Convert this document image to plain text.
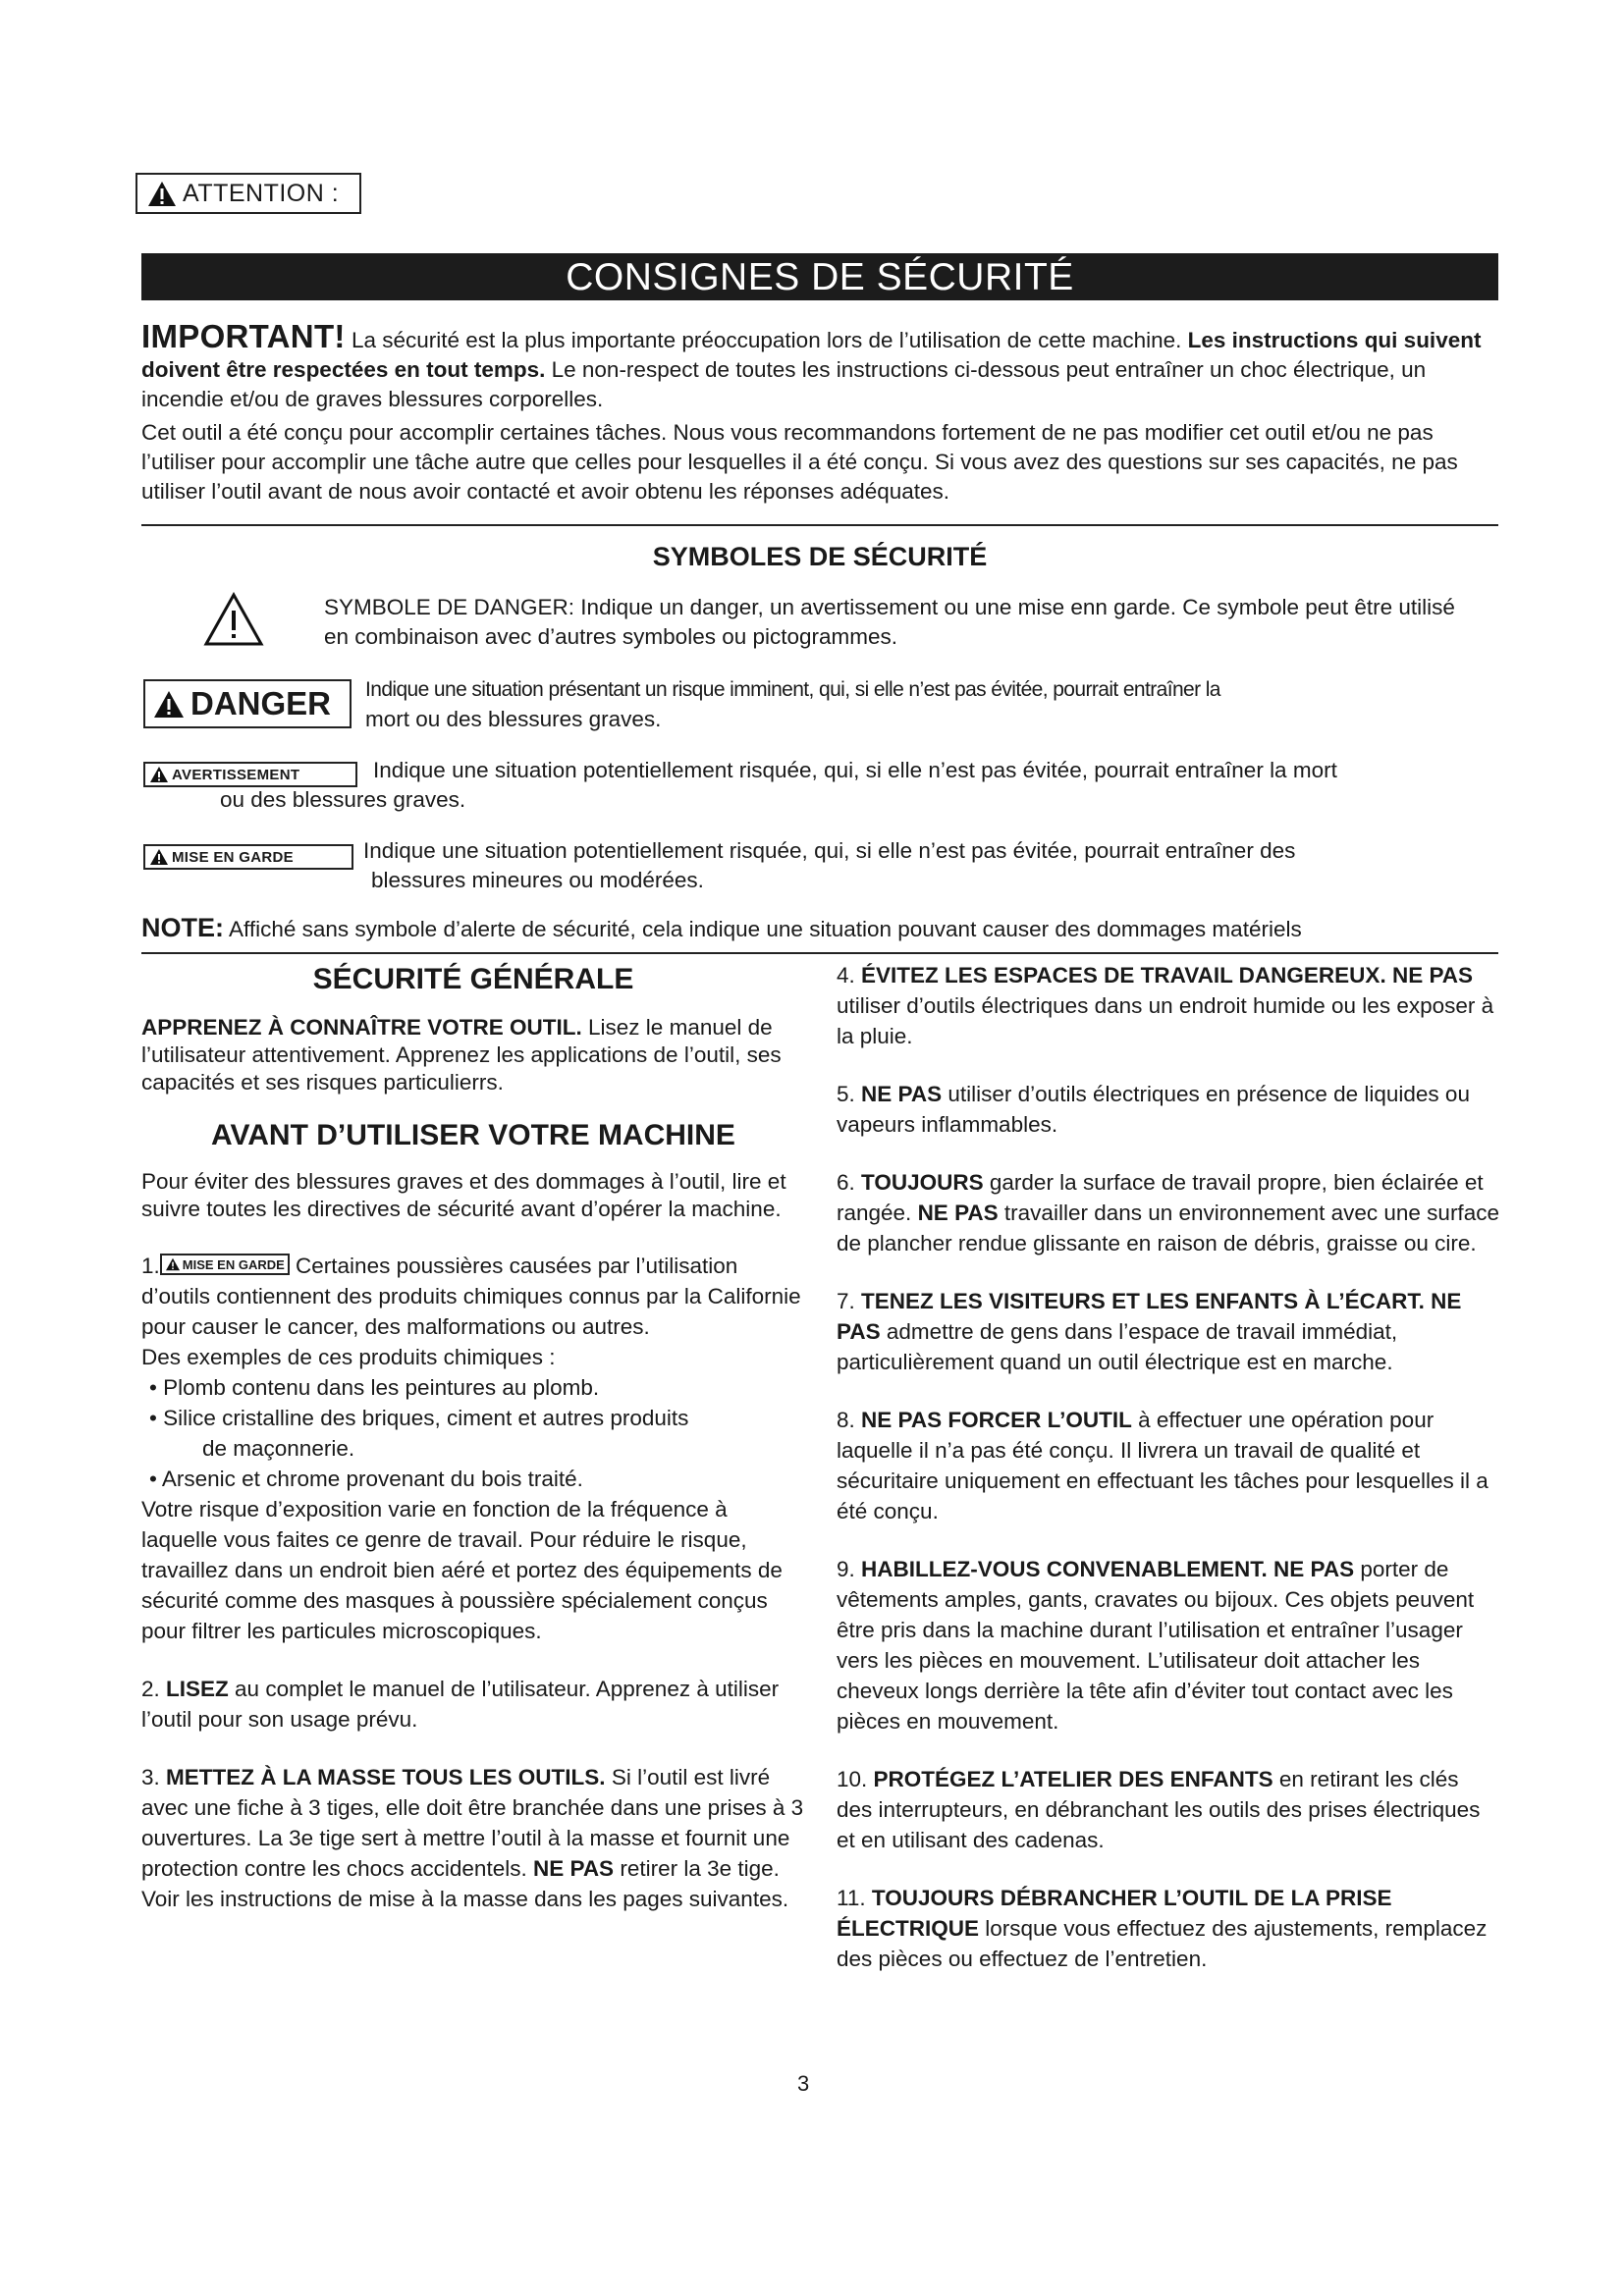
ATTENTION :
CONSIGNES DE SÉCURITÉ

IMPORTANT! La sécurité est la plus importante préoccupation lors de l’utilisation de cette machine. Les instructions qui suivent doivent être respectées en tout temps. Le non-respect de toutes les instructions ci-dessous peut entraîner un choc électrique, un incendie et/ou de graves blessures corporelles.

Cet outil a été conçu pour accomplir certaines tâches. Nous vous recommandons fortement de ne pas modifier cet outil et/ou ne pas l’utiliser pour accomplir une tâche autre que celles pour lesquelles il a été conçu. Si vous avez des questions sur ses capacités, ne pas utiliser l’outil avant de nous avoir contacté et avoir obtenu les réponses adéquates.

SYMBOLES DE SÉCURITÉ

SYMBOLE DE DANGER: Indique un danger, un avertissement ou une mise enn garde. Ce symbole peut être utilisé en combinaison avec d’autres symboles ou pictogrammes.

DANGER Indique une situation présentant un risque imminent, qui, si elle n’est pas évitée, pourrait entraîner la

mort ou des blessures graves.

AVERTISSEMENT	Indique une situation potentiellement risquée, qui, si elle n’est pas évitée, pourrait entraîner la mort

ou des blessures graves.

MISE EN GARDE	Indique une situation potentiellement risquée, qui, si elle n’est pas évitée, pourrait entraîner des

blessures mineures ou modérées.

NOTE: Affiché sans symbole d’alerte de sécurité, cela indique une situation pouvant causer des dommages matériels

SÉCURITÉ GÉNÉRALE

APPRENEZ À CONNAÎTRE VOTRE OUTIL. Lisez le manuel de l’utilisateur attentivement. Apprenez les applications de l’outil, ses capacités et ses risques particulierrs.

AVANT D’UTILISER VOTRE MACHINE

Pour éviter des blessures graves et des dommages à l’outil, lire et suivre toutes les directives de sécurité avant d’opérer la machine.

1. MISE EN GARDE Certaines poussières causées par l’utilisation d’outils contiennent des produits chimiques connus par la Californie pour causer le cancer, des malformations ou autres.

Des exemples de ces produits chimiques :

• Plomb contenu dans les peintures au plomb.
• Silice cristalline des briques, ciment et autres produits
de maçonnerie.
• Arsenic et chrome provenant du bois traité.

Votre risque d’exposition varie en fonction de la fréquence à laquelle vous faites ce genre de travail. Pour réduire le risque, travaillez dans un endroit bien aéré et portez des équipements de sécurité comme des masques à poussière spécialement conçus pour filtrer les particules microscopiques.

2. LISEZ au complet le manuel de l’utilisateur. Apprenez à utiliser l’outil pour son usage prévu.

3. METTEZ À LA MASSE TOUS LES OUTILS. Si l’outil est livré avec une fiche à 3 tiges, elle doit être branchée dans une prises à 3 ouvertures. La 3e tige sert à mettre l’outil à la masse et fournit une protection contre les chocs accidentels. NE PAS retirer la 3e tige. Voir les instructions de mise à la masse dans les pages suivantes.

4. ÉVITEZ LES ESPACES DE TRAVAIL DANGEREUX. NE PAS utiliser d’outils électriques dans un endroit humide ou les exposer à la pluie.

5. NE PAS utiliser d’outils électriques en présence de liquides ou vapeurs inflammables.

6. TOUJOURS garder la surface de travail propre, bien éclairée et rangée. NE PAS travailler dans un environnement avec une surface de plancher rendue glissante en raison de débris, graisse ou cire.

7. TENEZ LES VISITEURS ET LES ENFANTS À L’ÉCART. NE PAS admettre de gens dans l’espace de travail immédiat, particulièrement quand un outil électrique est en marche.

8. NE PAS FORCER L’OUTIL à effectuer une opération pour laquelle il n’a pas été conçu. Il livrera un travail de qualité et sécuritaire uniquement en effectuant les tâches pour lesquelles il a été conçu.

9. HABILLEZ-VOUS CONVENABLEMENT. NE PAS porter de vêtements amples, gants, cravates ou bijoux. Ces objets peuvent être pris dans la machine durant l’utilisation et entraîner l’usager vers les pièces en mouvement. L’utilisateur doit attacher les cheveux longs derrière la tête afin d’éviter tout contact avec les pièces en mouvement.

10. PROTÉGEZ L’ATELIER DES ENFANTS en retirant les clés des interrupteurs, en débranchant les outils des prises électriques et en utilisant des cadenas.

11. TOUJOURS DÉBRANCHER L’OUTIL DE LA PRISE ÉLECTRIQUE lorsque vous effectuez des ajustements, remplacez des pièces ou effectuez de l’entretien.

3
